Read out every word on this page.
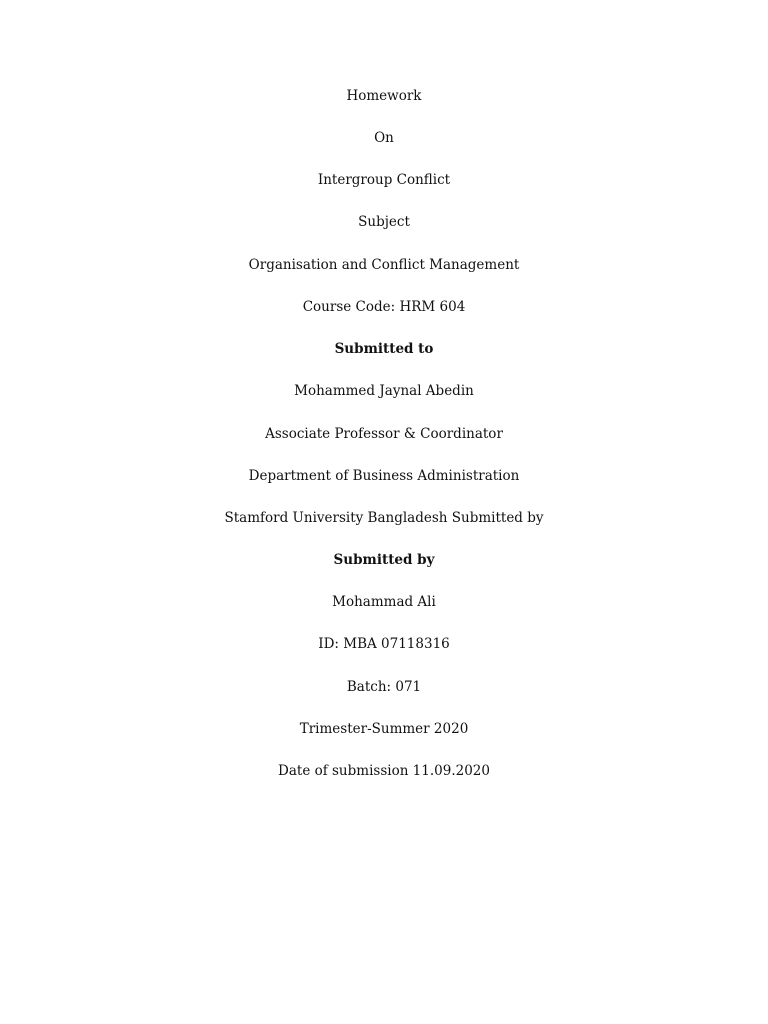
Homework
On
Intergroup Conflict
Subject
Organisation and Conflict Management
Course Code: HRM 604
Submitted to
Mohammed Jaynal Abedin
Associate Professor & Coordinator
Department of Business Administration
Stamford University Bangladesh Submitted by
Submitted by
Mohammad Ali
ID: MBA 07118316
Batch: 071
Trimester-Summer 2020
Date of submission 11.09.2020
